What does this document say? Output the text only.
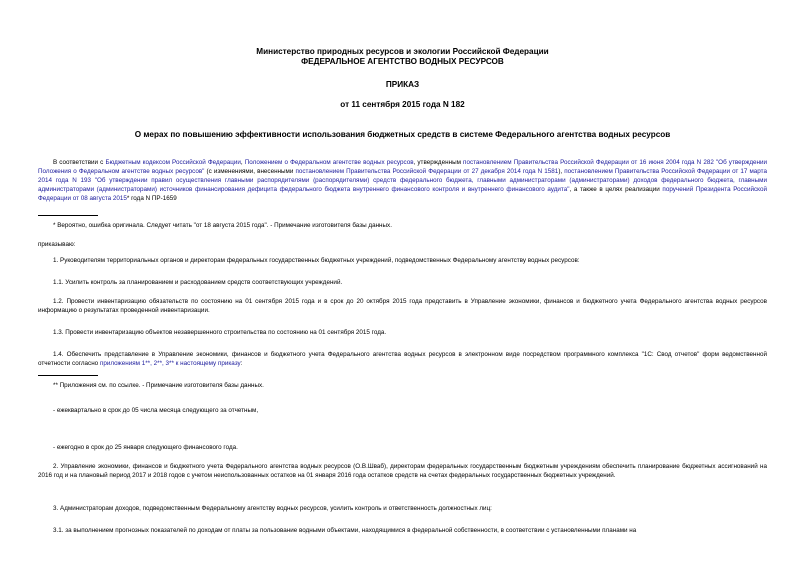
Министерство природных ресурсов и экологии Российской Федерации
ФЕДЕРАЛЬНОЕ АГЕНТСТВО ВОДНЫХ РЕСУРСОВ
ПРИКАЗ
от 11 сентября 2015 года N 182
О мерах по повышению эффективности использования бюджетных средств в системе Федерального агентства водных ресурсов
В соответствии с Бюджетным кодексом Российской Федерации, Положением о Федеральном агентстве водных ресурсов, утвержденным постановлением Правительства Российской Федерации от 16 июня 2004 года N 282 "Об утверждении Положения о Федеральном агентстве водных ресурсов" (с изменениями, внесенными постановлением Правительства Российской Федерации от 27 декабря 2014 года N 1581), постановлением Правительства Российской Федерации от 17 марта 2014 года N 193 "Об утверждении правил осуществления главными распорядителями (распорядителями) средств федерального бюджета, главными администраторами (администраторами) доходов федерального бюджета, главными администраторами (администраторами) источников финансирования дефицита федерального бюджета внутреннего финансового контроля и внутреннего финансового аудита", а также в целях реализации поручений Президента Российской Федерации от 08 августа 2015* года N ПР-1659
* Вероятно, ошибка оригинала. Следует читать "от 18 августа 2015 года". - Примечание изготовителя базы данных.
приказываю:
1. Руководителям территориальных органов и директорам федеральных государственных бюджетных учреждений, подведомственных Федеральному агентству водных ресурсов:
1.1. Усилить контроль за планированием и расходованием средств соответствующих учреждений.
1.2. Провести инвентаризацию обязательств по состоянию на 01 сентября 2015 года и в срок до 20 октября 2015 года представить в Управление экономики, финансов и бюджетного учета Федерального агентства водных ресурсов информацию о результатах проведенной инвентаризации.
1.3. Провести инвентаризацию объектов незавершенного строительства по состоянию на 01 сентября 2015 года.
1.4. Обеспечить представление в Управление экономики, финансов и бюджетного учета Федерального агентства водных ресурсов в электронном виде посредством программного комплекса "1С: Свод отчетов" форм ведомственной отчетности согласно приложениям 1**, 2**, 3** к настоящему приказу:
** Приложения см. по ссылке. - Примечание изготовителя базы данных.
- ежеквартально в срок до 05 числа месяца следующего за отчетным,
- ежегодно в срок до 25 января следующего финансового года.
2. Управление экономики, финансов и бюджетного учета Федерального агентства водных ресурсов (О.В.Шваб), директорам федеральных государственным бюджетным учреждениям обеспечить планирование бюджетных ассигнований на 2016 год и на плановый период 2017 и 2018 годов с учетом неиспользованных остатков на 01 января 2016 года остатков средств на счетах федеральных государственных бюджетных учреждений.
3. Администраторам доходов, подведомственным Федеральному агентству водных ресурсов, усилить контроль и ответственность должностных лиц:
3.1. за выполнением прогнозных показателей по доходам от платы за пользование водными объектами, находящимися в федеральной собственности, в соответствии с установленными планами на
